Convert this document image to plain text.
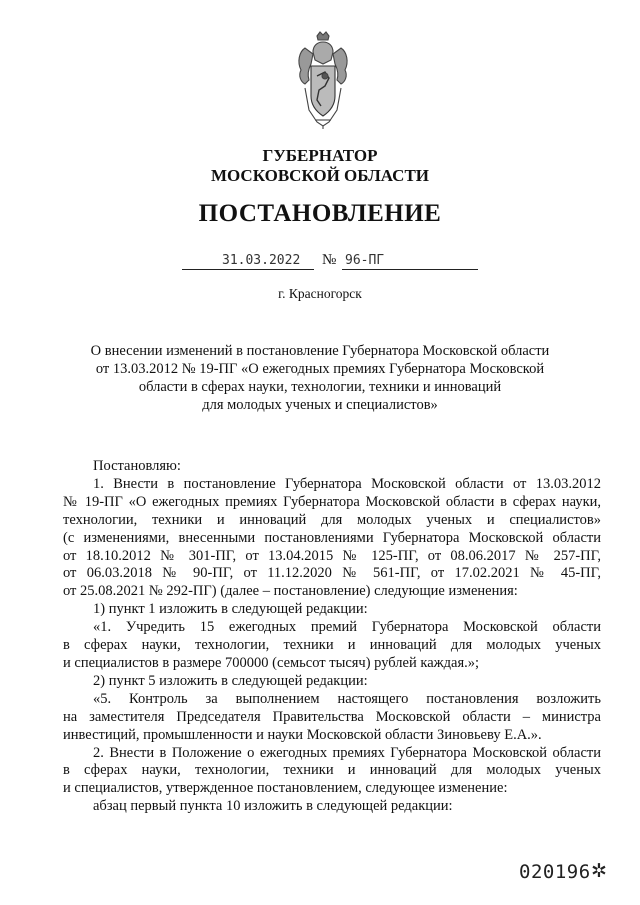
ГУБЕРНАТОР
МОСКОВСКОЙ ОБЛАСТИ
ПОСТАНОВЛЕНИЕ
31.03.2022 № 96-ПГ
г. Красногорск
О внесении изменений в постановление Губернатора Московской области
от 13.03.2012 № 19-ПГ «О ежегодных премиях Губернатора Московской
области в сферах науки, технологии, техники и инноваций
для молодых ученых и специалистов»
Постановляю:
1. Внести в постановление Губернатора Московской области от 13.03.2012
№ 19-ПГ «О ежегодных премиях Губернатора Московской области в сферах науки,
технологии, техники и инноваций для молодых ученых и специалистов»
(с изменениями, внесенными постановлениями Губернатора Московской области
от 18.10.2012 № 301-ПГ, от 13.04.2015 № 125-ПГ, от 08.06.2017 № 257-ПГ,
от 06.03.2018 № 90-ПГ, от 11.12.2020 № 561-ПГ, от 17.02.2021 № 45-ПГ,
от 25.08.2021 № 292-ПГ) (далее – постановление) следующие изменения:
1) пункт 1 изложить в следующей редакции:
«1. Учредить 15 ежегодных премий Губернатора Московской области
в сферах науки, технологии, техники и инноваций для молодых ученых
и специалистов в размере 700000 (семьсот тысяч) рублей каждая.»;
2) пункт 5 изложить в следующей редакции:
«5. Контроль за выполнением настоящего постановления возложить
на заместителя Председателя Правительства Московской области – министра
инвестиций, промышленности и науки Московской области Зиновьеву Е.А.».
2. Внести в Положение о ежегодных премиях Губернатора Московской области
в сферах науки, технологии, техники и инноваций для молодых ученых
и специалистов, утвержденное постановлением, следующее изменение:
абзац первый пункта 10 изложить в следующей редакции:
020196 ✲
